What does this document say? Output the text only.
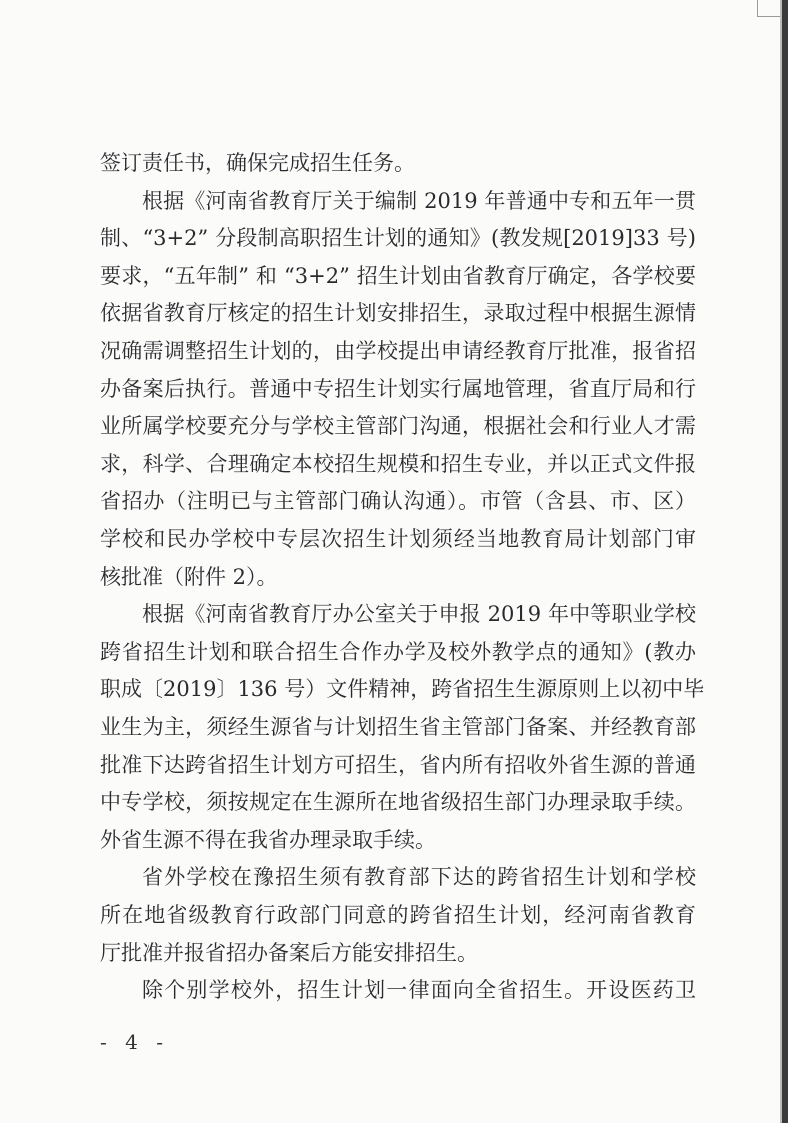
签订责任书，确保完成招生任务。
根据《河南省教育厅关于编制 2019 年普通中专和五年一贯
制、“3+2” 分段制高职招生计划的通知》(教发规[2019]33 号)
要求，“五年制” 和 “3+2” 招生计划由省教育厅确定，各学校要
依据省教育厅核定的招生计划安排招生，录取过程中根据生源情
况确需调整招生计划的，由学校提出申请经教育厅批准，报省招
办备案后执行。普通中专招生计划实行属地管理，省直厅局和行
业所属学校要充分与学校主管部门沟通，根据社会和行业人才需
求，科学、合理确定本校招生规模和招生专业，并以正式文件报
省招办（注明已与主管部门确认沟通）。市管（含县、市、区）
学校和民办学校中专层次招生计划须经当地教育局计划部门审
核批准（附件 2）。
根据《河南省教育厅办公室关于申报 2019 年中等职业学校
跨省招生计划和联合招生合作办学及校外教学点的通知》(教办
职成〔2019〕136 号）文件精神，跨省招生生源原则上以初中毕
业生为主，须经生源省与计划招生省主管部门备案、并经教育部
批准下达跨省招生计划方可招生，省内所有招收外省生源的普通
中专学校，须按规定在生源所在地省级招生部门办理录取手续。
外省生源不得在我省办理录取手续。
省外学校在豫招生须有教育部下达的跨省招生计划和学校
所在地省级教育行政部门同意的跨省招生计划，经河南省教育
厅批准并报省招办备案后方能安排招生。
除个别学校外，招生计划一律面向全省招生。开设医药卫
- 4 -
